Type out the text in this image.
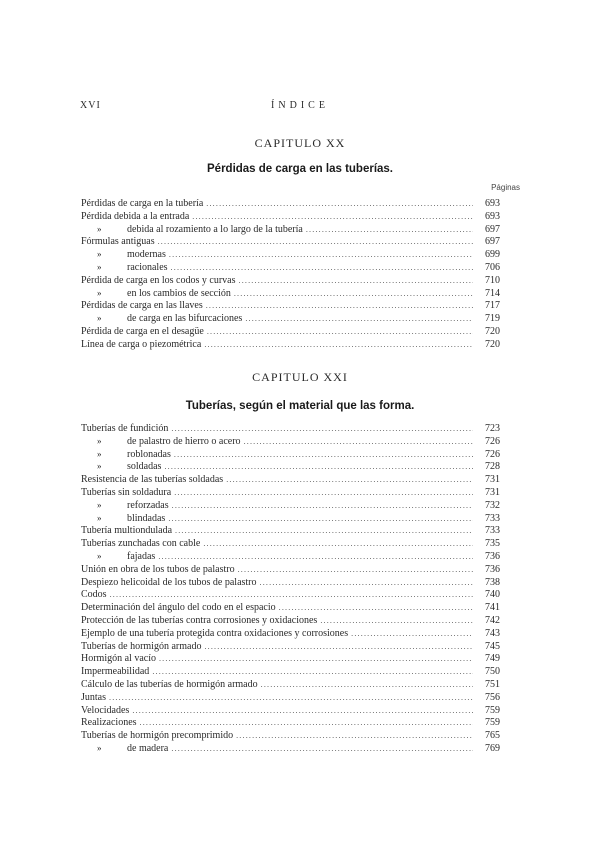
XVI	ÍNDICE
CAPITULO XX
Pérdidas de carga en las tuberías.
Páginas
Pérdidas de carga en la tubería .....	693
Pérdida debida a la entrada .....	693
»	debida al rozamiento a lo largo de la tubería .....	697
Fórmulas antiguas .....	697
»	modernas .....	699
»	racionales .....	706
Pérdida de carga en los codos y curvas .....	710
»	en los cambios de sección .....	714
Pérdidas de carga en las llaves .....	717
»	de carga en las bifurcaciones .....	719
Pérdida de carga en el desagüe .....	720
Línea de carga o piezométrica .....	720
CAPITULO XXI
Tuberías, según el material que las forma.
Tuberías de fundición .....	723
»	de palastro de hierro o acero .....	726
»	roblonadas .....	726
»	soldadas .....	728
Resistencia de las tuberías soldadas .....	731
Tuberías sin soldadura .....	731
»	reforzadas .....	732
»	blindadas .....	733
Tubería multiondulada .....	733
Tuberías zunchadas con cable .....	735
»	fajadas .....	736
Unión en obra de los tubos de palastro .....	736
Despiezo helicoidal de los tubos de palastro .....	738
Codos .....	740
Determinación del ángulo del codo en el espacio .....	741
Protección de las tuberías contra corrosiones y oxidaciones .....	742
Ejemplo de una tubería protegida contra oxidaciones y corrosiones .....	743
Tuberías de hormigón armado .....	745
Hormigón al vacío .....	749
Impermeabilidad .....	750
Cálculo de las tuberías de hormigón armado .....	751
Juntas .....	756
Velocidades .....	759
Realizaciones .....	759
Tuberías de hormigón precomprimido .....	765
»	de madera .....	769
